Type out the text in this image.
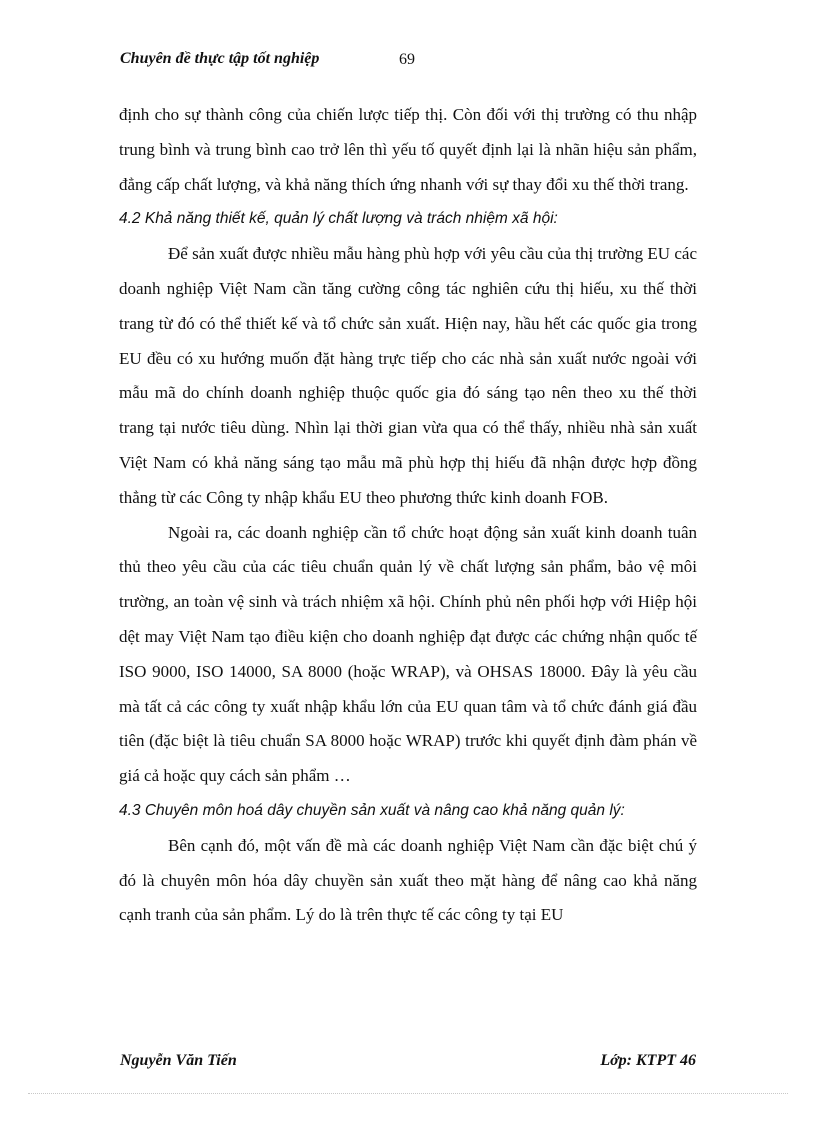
Chuyên đề thực tập tốt nghiệp	69

định cho sự thành công của chiến lược tiếp thị. Còn đối với thị trường có thu nhập trung bình và trung bình cao trở lên thì yếu tố quyết định lại là nhãn hiệu sản phẩm, đẳng cấp chất lượng, và khả năng thích ứng nhanh với sự thay đổi xu thế thời trang.

4.2 Khả năng thiết kế, quản lý chất lượng và trách nhiệm xã hội:

Để sản xuất được nhiều mẫu hàng phù hợp với yêu cầu của thị trường EU các doanh nghiệp Việt Nam cần tăng cường công tác nghiên cứu thị hiếu, xu thế thời trang từ đó có thể thiết kế và tổ chức sản xuất. Hiện nay, hầu hết các quốc gia trong EU đều có xu hướng muốn đặt hàng trực tiếp cho các nhà sản xuất nước ngoài với mẫu mã do chính doanh nghiệp thuộc quốc gia đó sáng tạo nên theo xu thế thời trang tại nước tiêu dùng. Nhìn lại thời gian vừa qua có thể thấy, nhiều nhà sản xuất Việt Nam có khả năng sáng tạo mẫu mã phù hợp thị hiếu đã nhận được hợp đồng thẳng từ các Công ty nhập khẩu EU theo phương thức kinh doanh FOB.

Ngoài ra, các doanh nghiệp cần tổ chức hoạt động sản xuất kinh doanh tuân thủ theo yêu cầu của các tiêu chuẩn quản lý về chất lượng sản phẩm, bảo vệ môi trường, an toàn vệ sinh và trách nhiệm xã hội. Chính phủ nên phối hợp với Hiệp hội dệt may Việt Nam tạo điều kiện cho doanh nghiệp đạt được các chứng nhận quốc tế ISO 9000, ISO 14000, SA 8000 (hoặc WRAP), và OHSAS 18000. Đây là yêu cầu mà tất cả các công ty xuất nhập khẩu lớn của EU quan tâm và tổ chức đánh giá đầu tiên (đặc biệt là tiêu chuẩn SA 8000 hoặc WRAP) trước khi quyết định đàm phán về giá cả hoặc quy cách sản phẩm …

4.3 Chuyên môn hoá dây chuyền sản xuất và nâng cao khả năng quản lý:

Bên cạnh đó, một vấn đề mà các doanh nghiệp Việt Nam cần đặc biệt chú ý đó là chuyên môn hóa dây chuyền sản xuất theo mặt hàng để nâng cao khả năng cạnh tranh của sản phẩm. Lý do là trên thực tế các công ty tại EU

Nguyễn Văn Tiến	Lớp: KTPT 46
